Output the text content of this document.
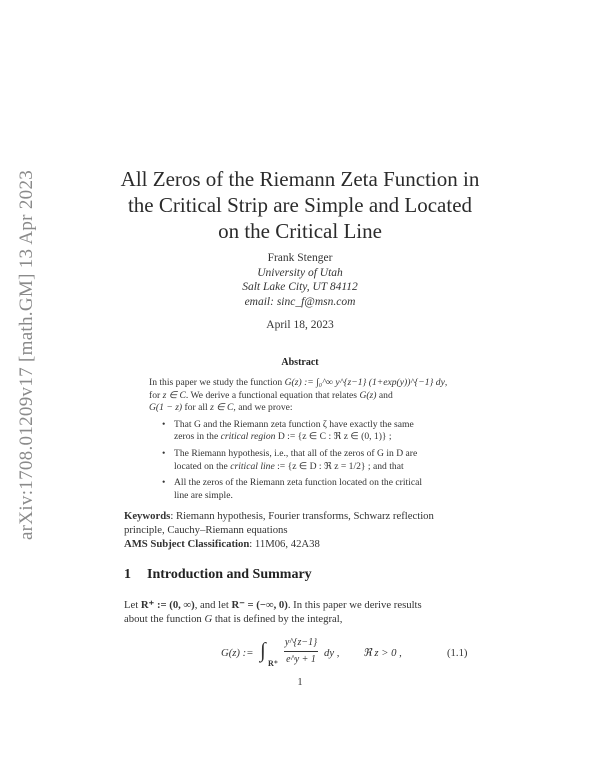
arXiv:1708.01209v17 [math.GM] 13 Apr 2023	All Zeros of the Riemann Zeta Function in
the Critical Strip are Simple and Located
on the Critical Line
Frank Stenger
University of Utah
Salt Lake City, UT 84112
email: sinc_f@msn.com
April 18, 2023
Abstract
In this paper we study the function G(z) := ∫₀^∞ y^{z−1} (1+exp(y))^{−1} dy,
for z ∈ C. We derive a functional equation that relates G(z) and
G(1 − z) for all z ∈ C, and we prove:
• That G and the Riemann zeta function ζ have exactly the same
zeros in the critical region D := {z ∈ C : ℜ z ∈ (0, 1)} ;
• The Riemann hypothesis, i.e., that all of the zeros of G in D are
located on the critical line := {z ∈ D : ℜ z = 1/2} ; and that
• All the zeros of the Riemann zeta function located on the critical
line are simple.
Keywords: Riemann hypothesis, Fourier transforms, Schwarz reflection
principle, Cauchy–Riemann equations
AMS Subject Classification: 11M06, 42A38
1 Introduction and Summary
Let R⁺ := (0, ∞), and let R⁻ = (−∞, 0). In this paper we derive results
about the function G that is defined by the integral,
G(z) := ∫
R⁺
y^{z−1}
e^y + 1
dy , ℜ z > 0 ,	(1.1)
1
